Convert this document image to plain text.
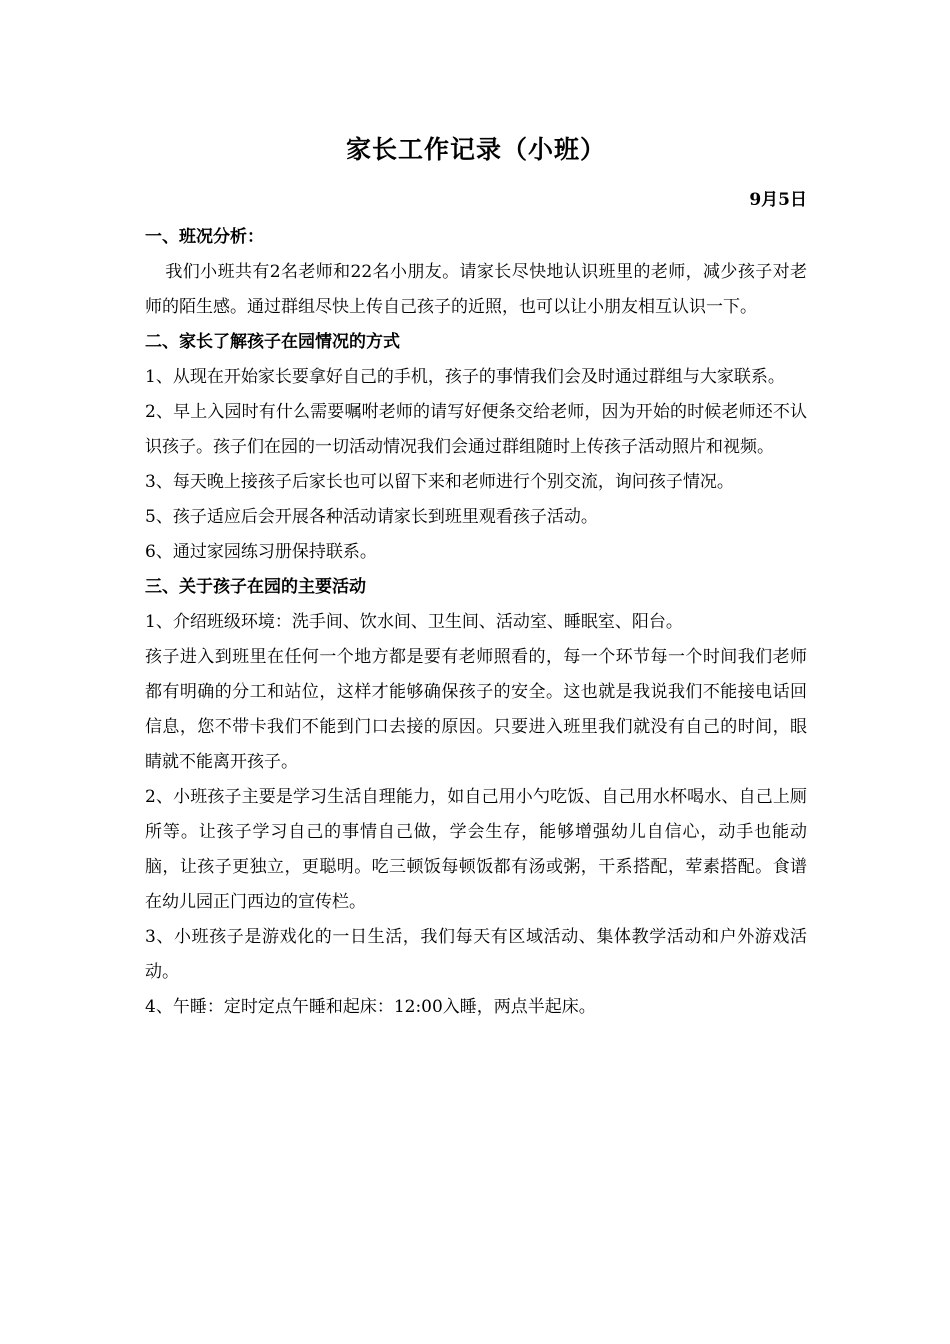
家长工作记录（小班）
9月5日

一、班况分析：

我们小班共有2名老师和22名小朋友。请家长尽快地认识班里的老师，减少孩子对老师的陌生感。通过群组尽快上传自己孩子的近照，也可以让小朋友相互认识一下。

二、家长了解孩子在园情况的方式

1、从现在开始家长要拿好自己的手机，孩子的事情我们会及时通过群组与大家联系。

2、早上入园时有什么需要嘱咐老师的请写好便条交给老师，因为开始的时候老师还不认识孩子。孩子们在园的一切活动情况我们会通过群组随时上传孩子活动照片和视频。

3、每天晚上接孩子后家长也可以留下来和老师进行个别交流，询问孩子情况。

5、孩子适应后会开展各种活动请家长到班里观看孩子活动。

6、通过家园练习册保持联系。

三、关于孩子在园的主要活动

1、介绍班级环境：洗手间、饮水间、卫生间、活动室、睡眠室、阳台。

孩子进入到班里在任何一个地方都是要有老师照看的，每一个环节每一个时间我们老师都有明确的分工和站位，这样才能够确保孩子的安全。这也就是我说我们不能接电话回信息，您不带卡我们不能到门口去接的原因。只要进入班里我们就没有自己的时间，眼睛就不能离开孩子。

2、小班孩子主要是学习生活自理能力，如自己用小勺吃饭、自己用水杯喝水、自己上厕所等。让孩子学习自己的事情自己做，学会生存，能够增强幼儿自信心，动手也能动脑，让孩子更独立，更聪明。吃三顿饭每顿饭都有汤或粥，干系搭配，荤素搭配。食谱在幼儿园正门西边的宣传栏。

3、小班孩子是游戏化的一日生活，我们每天有区域活动、集体教学活动和户外游戏活动。

4、午睡：定时定点午睡和起床：12:00入睡，两点半起床。
